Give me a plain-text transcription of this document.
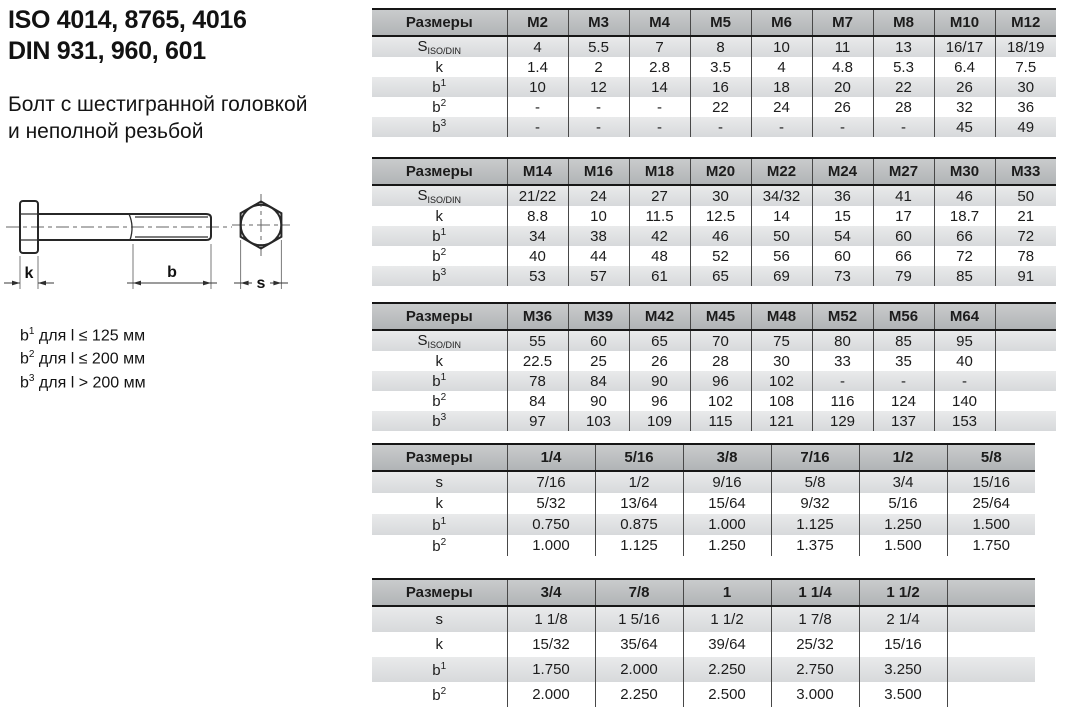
ISO 4014, 8765, 4016
DIN 931, 960, 601
Болт с шестигранной головкой
и неполной резьбой
k	b
s
$b^1$ для l ≤ 125 мм
$b^2$ для l ≤ 200 мм
$b^3$ для l > 200 мм
Размеры	M2	M3	M4	M5	M6	M7	M8	M10	M12
$S_{ISO/DIN}$	4	5.5	7	8	10	11	13	16/17	18/19
k	1.4	2	2.8	3.5	4	4.8	5.3	6.4	7.5
$b^1$	10	12	14	16	18	20	22	26	30
$b^2$	-	-	-	22	24	26	28	32	36
$b^3$	-	-	-	-	-	-	-	45	49
Размеры	M14	M16	M18	M20	M22	M24	M27	M30	M33
$S_{ISO/DIN}$	21/22	24	27	30	34/32	36	41	46	50
k	8.8	10	11.5	12.5	14	15	17	18.7	21
$b^1$	34	38	42	46	50	54	60	66	72
$b^2$	40	44	48	52	56	60	66	72	78
$b^3$	53	57	61	65	69	73	79	85	91
Размеры	M36	M39	M42	M45	M48	M52	M56	M64	
$S_{ISO/DIN}$	55	60	65	70	75	80	85	95	
k	22.5	25	26	28	30	33	35	40	
$b^1$	78	84	90	96	102	-	-	-	
$b^2$	84	90	96	102	108	116	124	140	
$b^3$	97	103	109	115	121	129	137	153	
Размеры	1/4	5/16	3/8	7/16	1/2	5/8
s	7/16	1/2	9/16	5/8	3/4	15/16
k	5/32	13/64	15/64	9/32	5/16	25/64
$b^1$	0.750	0.875	1.000	1.125	1.250	1.500
$b^2$	1.000	1.125	1.250	1.375	1.500	1.750
Размеры	3/4	7/8	1	1 1/4	1 1/2	
s	1 1/8	1 5/16	1 1/2	1 7/8	2 1/4	
k	15/32	35/64	39/64	25/32	15/16	
$b^1$	1.750	2.000	2.250	2.750	3.250	
$b^2$	2.000	2.250	2.500	3.000	3.500	
